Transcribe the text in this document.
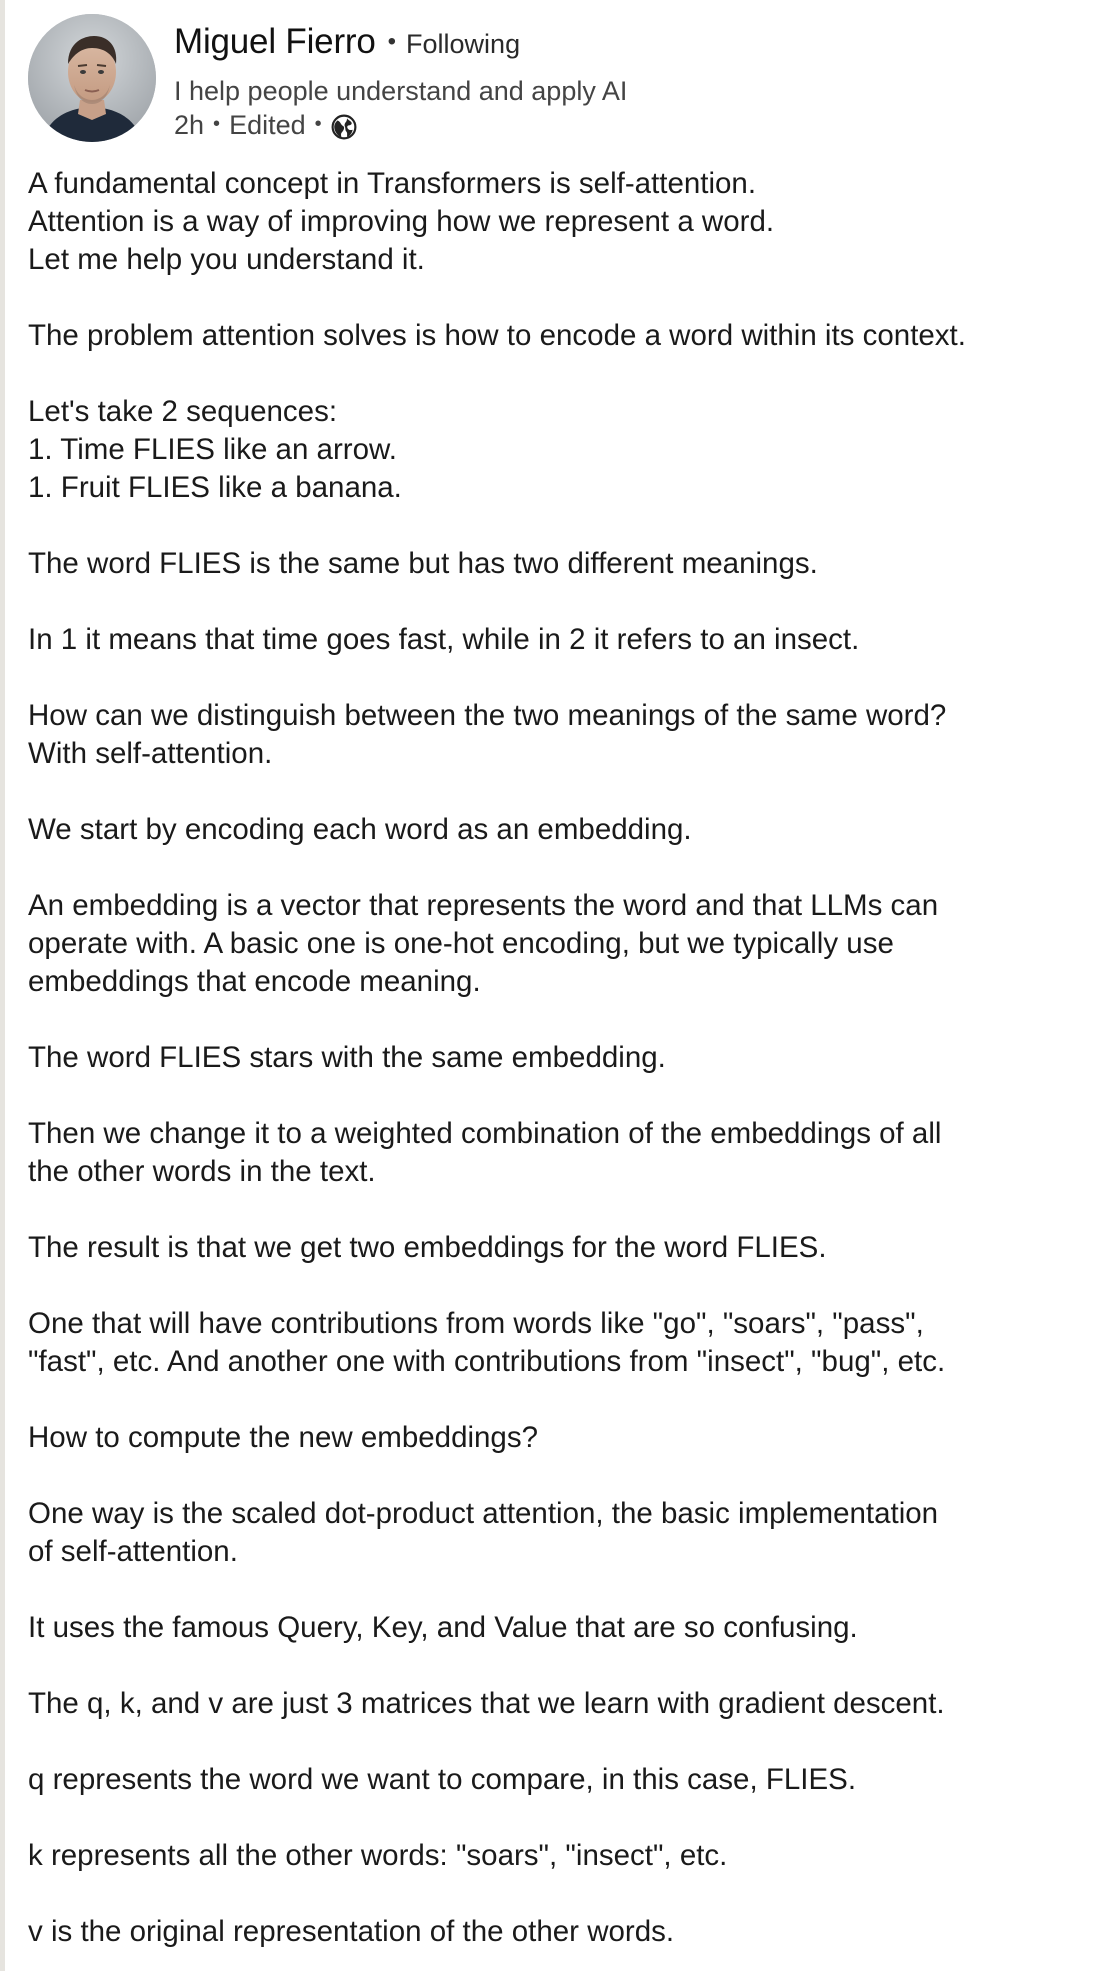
Miguel Fierro • Following
I help people understand and apply AI
2h • Edited •
A fundamental concept in Transformers is self-attention.
Attention is a way of improving how we represent a word.
Let me help you understand it.
The problem attention solves is how to encode a word within its context.
Let's take 2 sequences:
1. Time FLIES like an arrow.
1. Fruit FLIES like a banana.
The word FLIES is the same but has two different meanings.
In 1 it means that time goes fast, while in 2 it refers to an insect.
How can we distinguish between the two meanings of the same word?
With self-attention.
We start by encoding each word as an embedding.
An embedding is a vector that represents the word and that LLMs can
operate with. A basic one is one-hot encoding, but we typically use
embeddings that encode meaning.
The word FLIES stars with the same embedding.
Then we change it to a weighted combination of the embeddings of all
the other words in the text.
The result is that we get two embeddings for the word FLIES.
One that will have contributions from words like "go", "soars", "pass",
"fast", etc. And another one with contributions from "insect", "bug", etc.
How to compute the new embeddings?
One way is the scaled dot-product attention, the basic implementation
of self-attention.
It uses the famous Query, Key, and Value that are so confusing.
The q, k, and v are just 3 matrices that we learn with gradient descent.
q represents the word we want to compare, in this case, FLIES.
k represents all the other words: "soars", "insect", etc.
v is the original representation of the other words.
